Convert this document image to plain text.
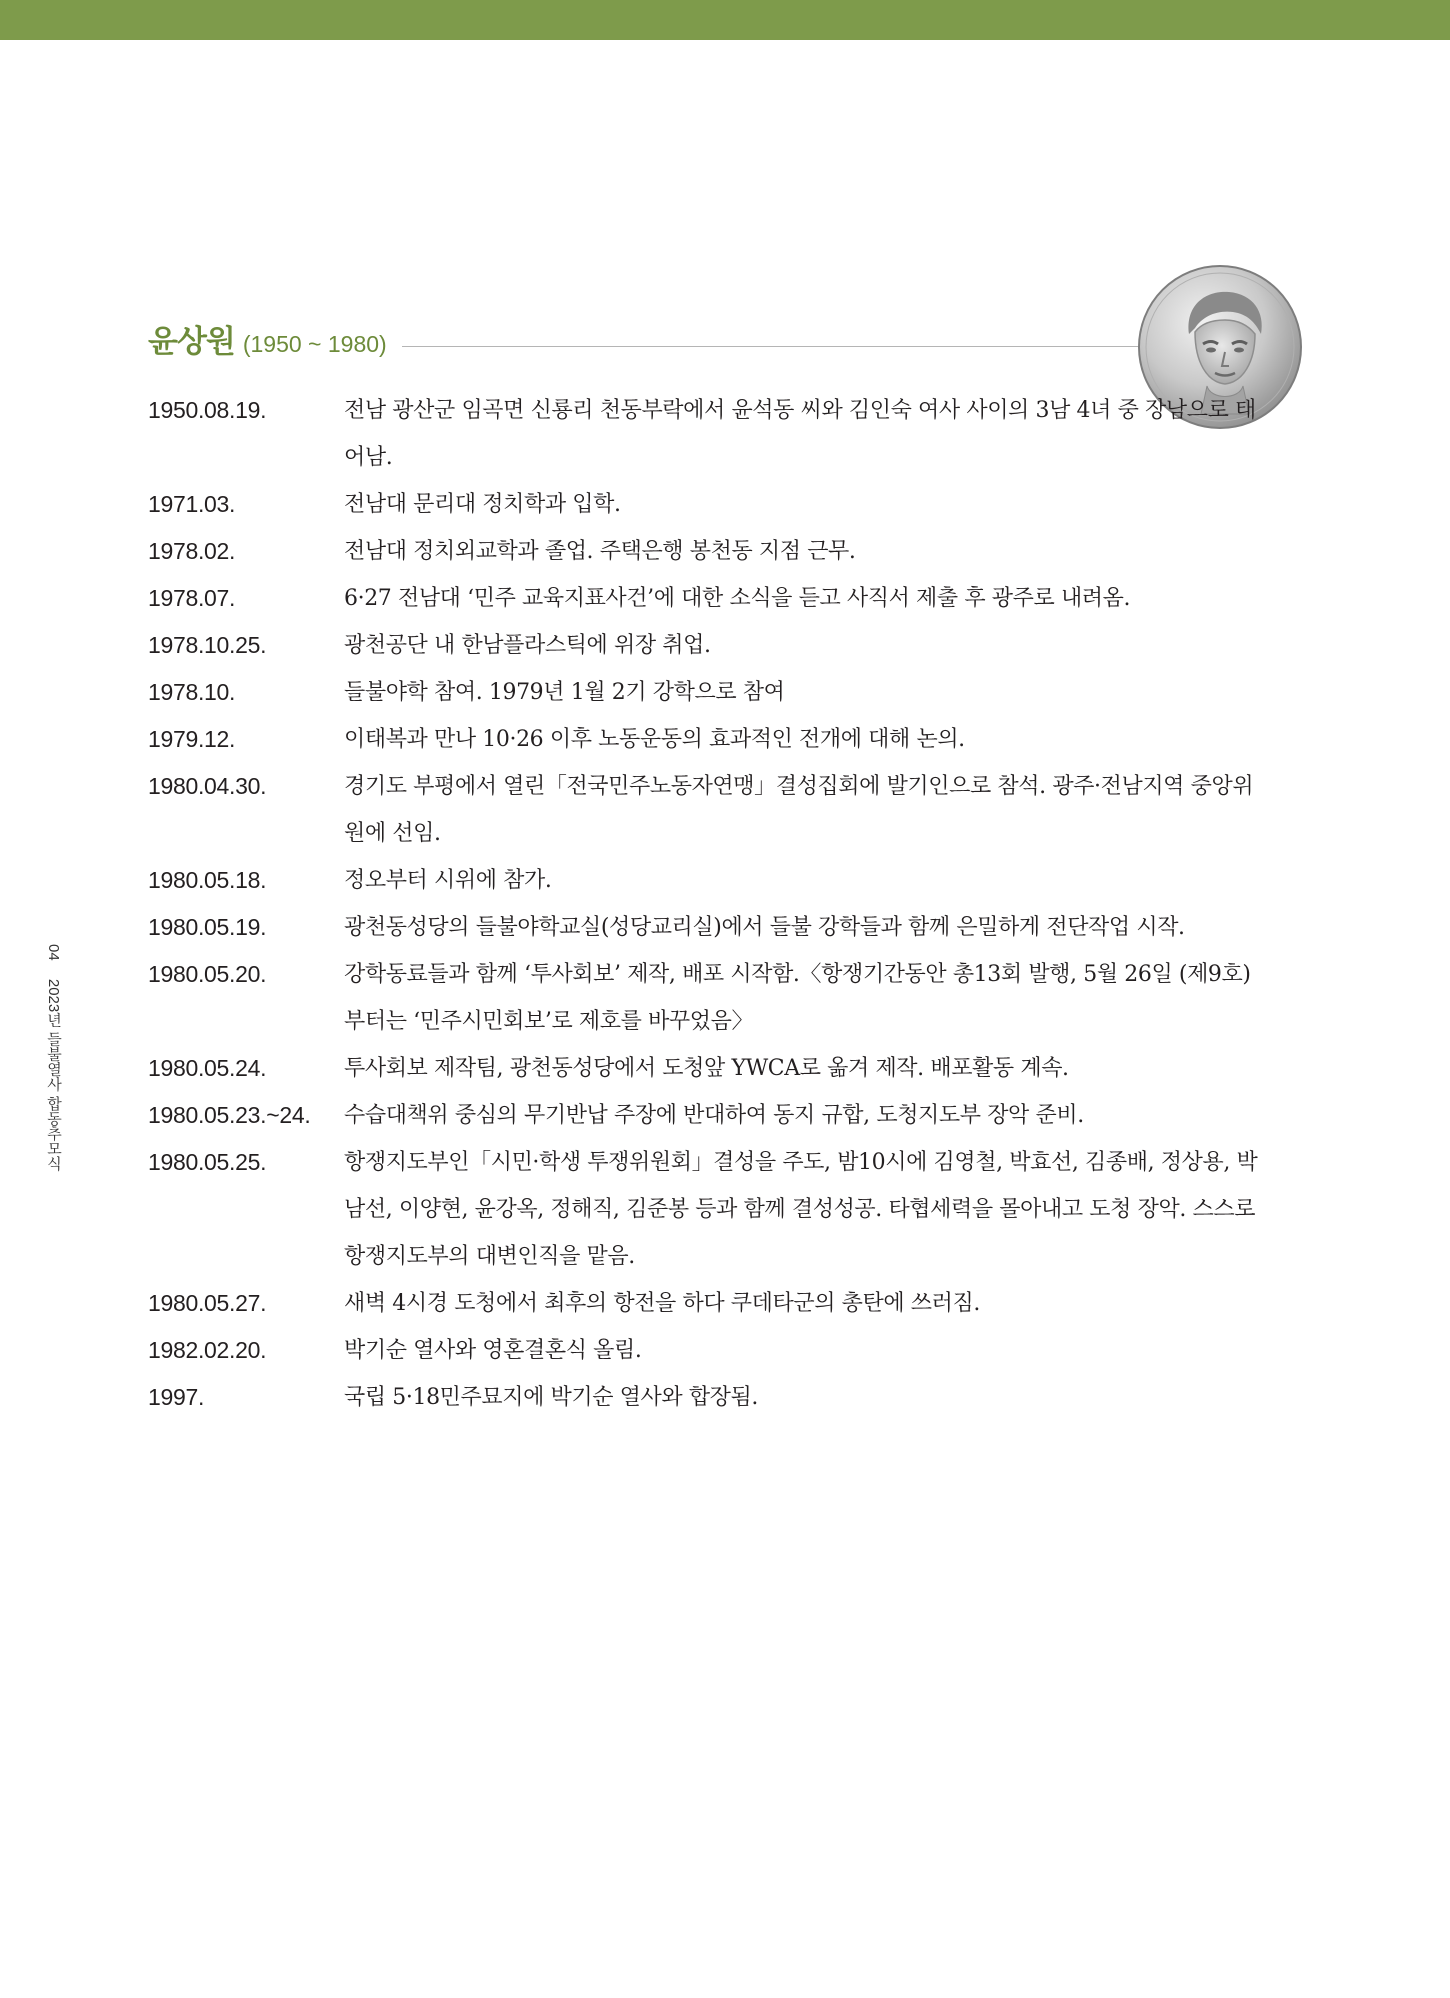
윤상원 (1950 ~ 1980)
1950.08.19.	전남 광산군 임곡면 신룡리 천동부락에서 윤석동 씨와 김인숙 여사 사이의 3남 4녀 중 장남으로 태어남.
1971.03.	전남대 문리대 정치학과 입학.
1978.02.	전남대 정치외교학과 졸업. 주택은행 봉천동 지점 근무.
1978.07.	6·27 전남대 ‘민주 교육지표사건’에 대한 소식을 듣고 사직서 제출 후 광주로 내려옴.
1978.10.25.	광천공단 내 한남플라스틱에 위장 취업.
1978.10.	들불야학 참여. 1979년 1월 2기 강학으로 참여
1979.12.	이태복과 만나 10·26 이후 노동운동의 효과적인 전개에 대해 논의.
1980.04.30.	경기도 부평에서 열린「전국민주노동자연맹」결성집회에 발기인으로 참석. 광주·전남지역 중앙위원에 선임.
1980.05.18.	정오부터 시위에 참가.
1980.05.19.	광천동성당의 들불야학교실(성당교리실)에서 들불 강학들과 함께 은밀하게 전단작업 시작.
1980.05.20.	강학동료들과 함께 ‘투사회보’ 제작, 배포 시작함.〈항쟁기간동안 총13회 발행, 5월 26일 (제9호)부터는 ‘민주시민회보’로 제호를 바꾸었음〉
1980.05.24.	투사회보 제작팀, 광천동성당에서 도청앞 YWCA로 옮겨 제작. 배포활동 계속.
1980.05.23.~24.	수습대책위 중심의 무기반납 주장에 반대하여 동지 규합, 도청지도부 장악 준비.
1980.05.25.	항쟁지도부인「시민·학생 투쟁위원회」결성을 주도, 밤10시에 김영철, 박효선, 김종배, 정상용, 박남선, 이양현, 윤강옥, 정해직, 김준봉 등과 함께 결성성공. 타협세력을 몰아내고 도청 장악. 스스로 항쟁지도부의 대변인직을 맡음.
1980.05.27.	새벽 4시경 도청에서 최후의 항전을 하다 쿠데타군의 총탄에 쓰러짐.
1982.02.20.	박기순 열사와 영혼결혼식 올림.
1997.	국립 5·18민주묘지에 박기순 열사와 합장됨.
04 2023년 들불열사 합동추모식
